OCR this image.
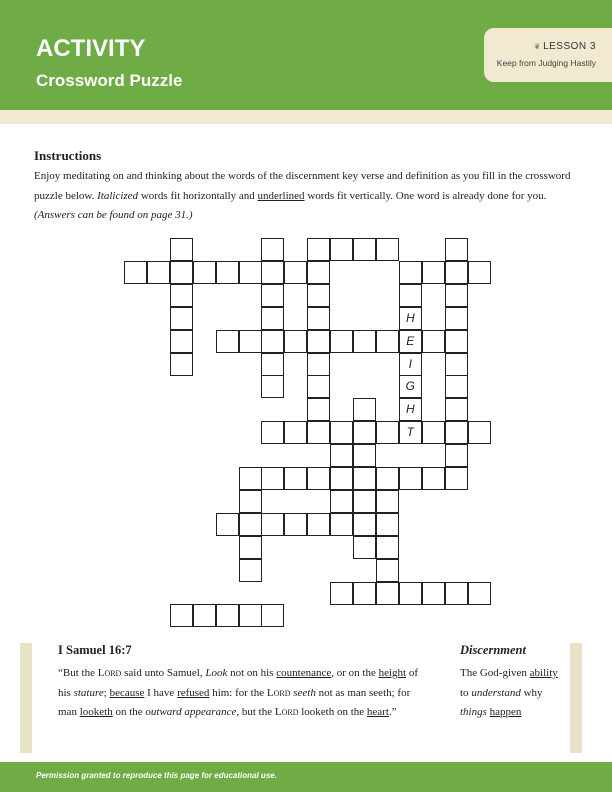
ACTIVITY
Crossword Puzzle
❦ LESSON 3
Keep from Judging Hastily
Instructions
Enjoy meditating on and thinking about the words of the discernment key verse and definition as you fill in the crossword puzzle below. Italicized words fit horizontally and underlined words fit vertically. One word is already done for you. (Answers can be found on page 31.)
E
T
H
I
G
H
I Samuel 16:7
“But the Lord said unto Samuel, Look not on his countenance, or on the height of his stature; because I have refused him: for the Lord seeth not as man seeth; for man looketh on the outward appearance, but the Lord looketh on the heart.”
Discernment
The God-given ability to understand why things happen
Permission granted to reproduce this page for educational use.
